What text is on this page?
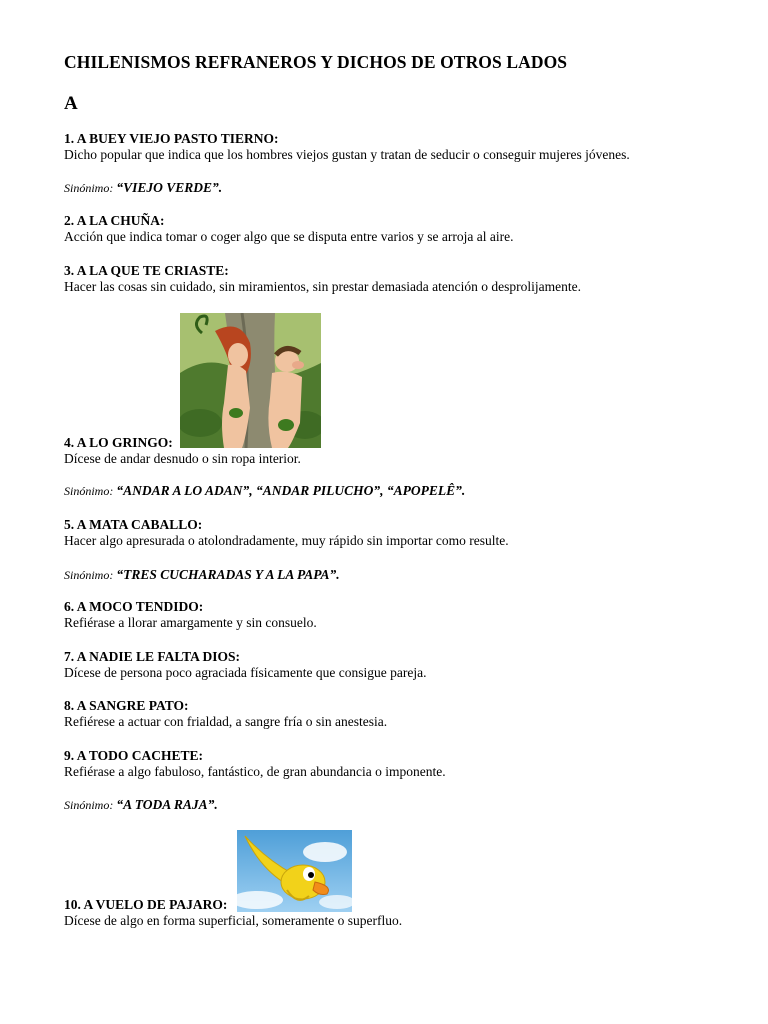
CHILENISMOS REFRANEROS Y DICHOS DE OTROS LADOS
A
1. A BUEY VIEJO PASTO TIERNO:
Dicho popular que indica que los hombres viejos gustan y tratan de seducir o conseguir mujeres jóvenes.
Sinónimo: “VIEJO VERDE”.
2. A LA CHUÑA:
Acción que indica tomar o coger algo que se disputa entre varios y se arroja al aire.
3. A LA QUE TE CRIASTE:
Hacer las cosas sin cuidado, sin miramientos, sin prestar demasiada atención o desprolijamente.
4. A LO GRINGO:
Dícese de andar desnudo o sin ropa interior.
Sinónimo: “ANDAR A LO ADAN”, “ANDAR PILUCHO”, “APOPELÊ”.
5. A MATA CABALLO:
Hacer algo apresurada o atolondradamente, muy rápido sin importar como resulte.
Sinónimo: “TRES CUCHARADAS Y A LA PAPA”.
6. A MOCO TENDIDO:
Refiérase a llorar amargamente y sin consuelo.
7. A NADIE LE FALTA DIOS:
Dícese de persona poco agraciada físicamente que consigue pareja.
8. A SANGRE PATO:
Refiérese a actuar con frialdad, a sangre fría o sin anestesia.
9. A TODO CACHETE:
Refiérase a algo fabuloso, fantástico, de gran abundancia o imponente.
Sinónimo: “A TODA RAJA”.
10. A VUELO DE PAJARO:
Dícese de algo en forma superficial, someramente o superfluo.
